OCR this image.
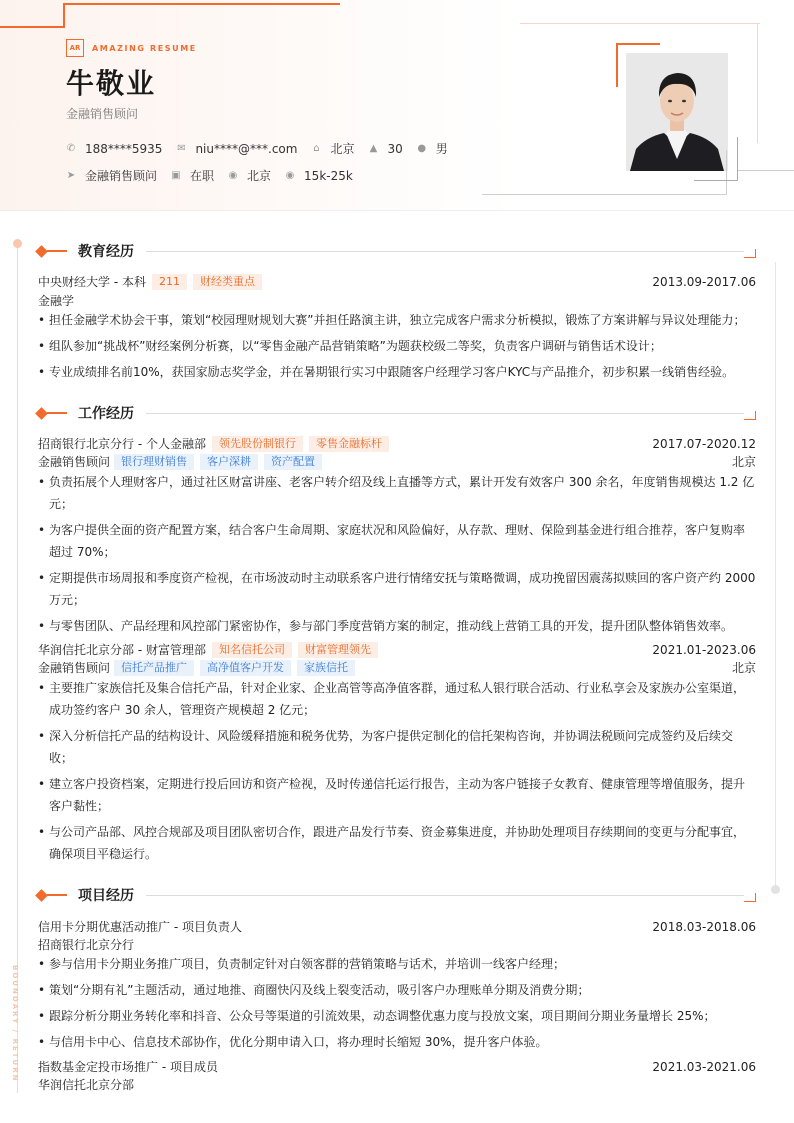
AR	AMAZING RESUME
牛敬业
金融销售顾问
✆ 188****5935 ✉ niu****@***.com ⌂ 北京 ▲ 30 ● 男
➤ 金融销售顾问 ▣ 在职 ◉ 北京 ◉ 15k-25k
BOUNDARY / RETURN
教育经历
中央财经大学 - 本科	211	财经类重点	2013.09-2017.06
金融学
• 担任金融学术协会干事，策划“校园理财规划大赛”并担任路演主讲，独立完成客户需求分析模拟，锻炼了方案讲解与异议处理能力；
• 组队参加“挑战杯”财经案例分析赛，以“零售金融产品营销策略”为题获校级二等奖，负责客户调研与销售话术设计；
• 专业成绩排名前10%，获国家励志奖学金，并在暑期银行实习中跟随客户经理学习客户KYC与产品推介，初步积累一线销售经验。
工作经历
招商银行北京分行 - 个人金融部	领先股份制银行	零售金融标杆	2017.07-2020.12
金融销售顾问	银行理财销售	客户深耕	资产配置	北京
• 负责拓展个人理财客户，通过社区财富讲座、老客户转介绍及线上直播等方式，累计开发有效客户 300 余名，年度销售规模达 1.2 亿
元；
• 为客户提供全面的资产配置方案，结合客户生命周期、家庭状况和风险偏好，从存款、理财、保险到基金进行组合推荐，客户复购率
超过 70%；
• 定期提供市场周报和季度资产检视，在市场波动时主动联系客户进行情绪安抚与策略微调，成功挽留因震荡拟赎回的客户资产约 2000
万元；
• 与零售团队、产品经理和风控部门紧密协作，参与部门季度营销方案的制定，推动线上营销工具的开发，提升团队整体销售效率。
华润信托北京分部 - 财富管理部	知名信托公司	财富管理领先	2021.01-2023.06
金融销售顾问	信托产品推广	高净值客户开发	家族信托	北京
• 主要推广家族信托及集合信托产品，针对企业家、企业高管等高净值客群，通过私人银行联合活动、行业私享会及家族办公室渠道，
成功签约客户 30 余人，管理资产规模超 2 亿元；
• 深入分析信托产品的结构设计、风险缓释措施和税务优势，为客户提供定制化的信托架构咨询，并协调法税顾问完成签约及后续交
收；
• 建立客户投资档案，定期进行投后回访和资产检视，及时传递信托运行报告，主动为客户链接子女教育、健康管理等增值服务，提升
客户黏性；
• 与公司产品部、风控合规部及项目团队密切合作，跟进产品发行节奏、资金募集进度，并协助处理项目存续期间的变更与分配事宜，
确保项目平稳运行。
项目经历
信用卡分期优惠活动推广 - 项目负责人	2018.03-2018.06
招商银行北京分行
• 参与信用卡分期业务推广项目，负责制定针对白领客群的营销策略与话术，并培训一线客户经理；
• 策划“分期有礼”主题活动，通过地推、商圈快闪及线上裂变活动，吸引客户办理账单分期及消费分期；
• 跟踪分析分期业务转化率和抖音、公众号等渠道的引流效果，动态调整优惠力度与投放文案，项目期间分期业务量增长 25%；
• 与信用卡中心、信息技术部协作，优化分期申请入口，将办理时长缩短 30%，提升客户体验。
指数基金定投市场推广 - 项目成员	2021.03-2021.06
华润信托北京分部
